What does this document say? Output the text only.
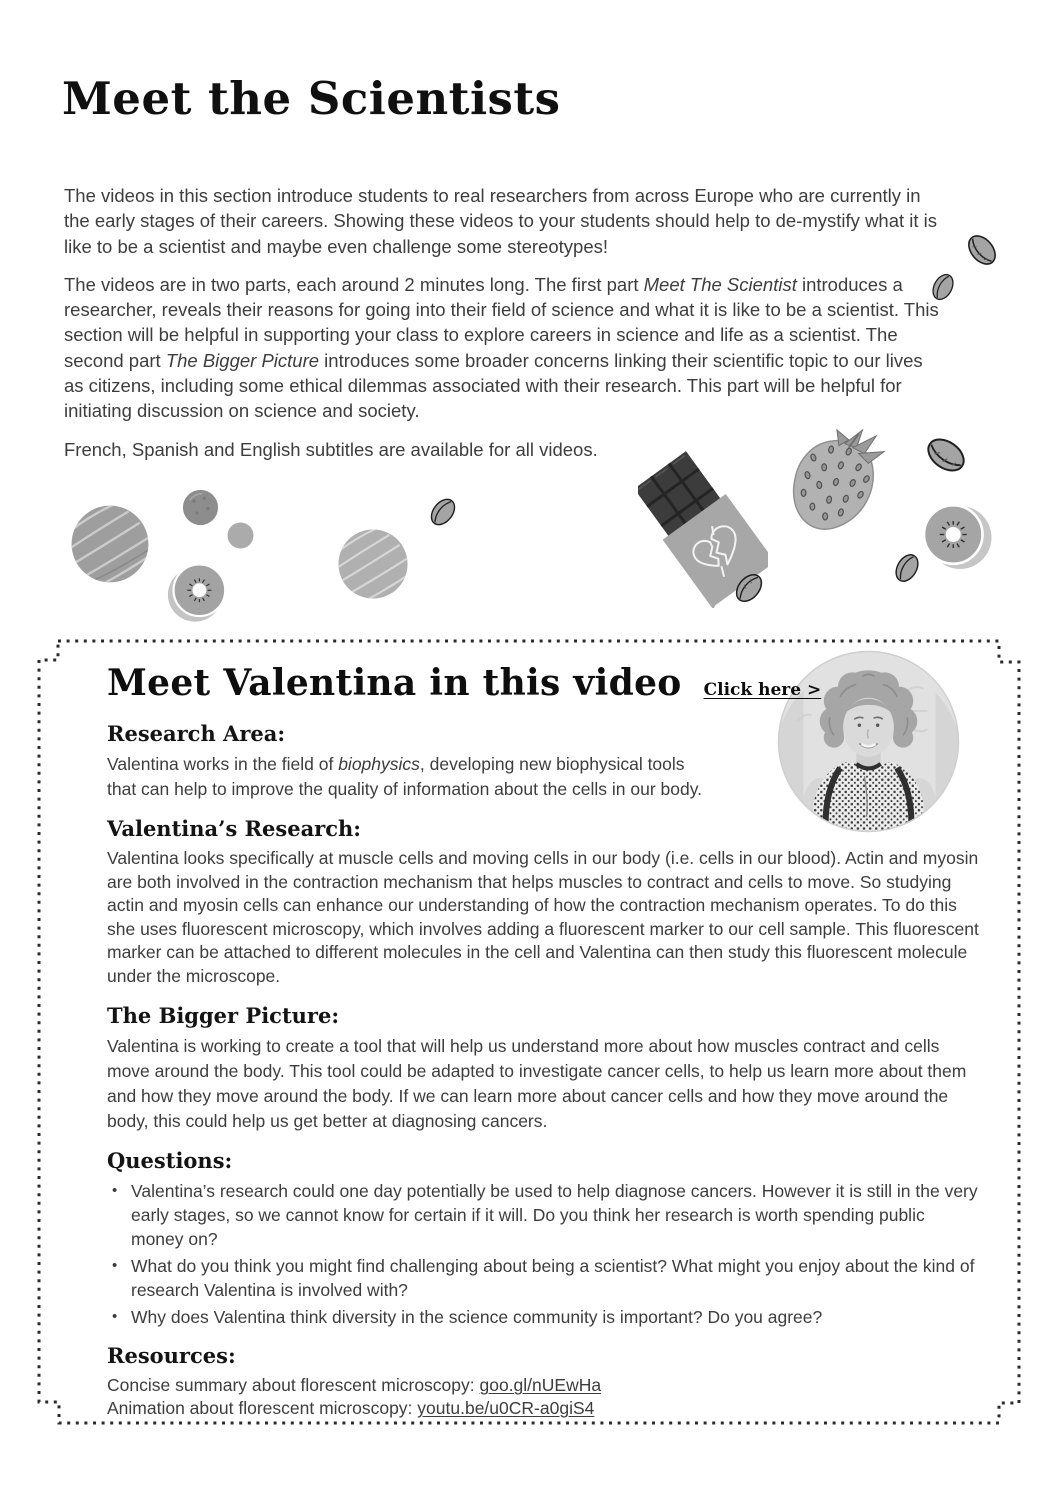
Meet the Scientists

The videos in this section introduce students to real researchers from across Europe who are currently in the early stages of their careers. Showing these videos to your students should help to de-mystify what it is like to be a scientist and maybe even challenge some stereotypes!

The videos are in two parts, each around 2 minutes long. The first part Meet The Scientist introduces a researcher, reveals their reasons for going into their field of science and what it is like to be a scientist. This section will be helpful in supporting your class to explore careers in science and life as a scientist. The second part The Bigger Picture introduces some broader concerns linking their scientific topic to our lives as citizens, including some ethical dilemmas associated with their research. This part will be helpful for initiating discussion on science and society.

French, Spanish and English subtitles are available for all videos.

Meet Valentina in this video Click here >
Research Area:

Valentina works in the field of biophysics, developing new biophysical tools that can help to improve the quality of information about the cells in our body.

Valentina’s Research:

Valentina looks specifically at muscle cells and moving cells in our body (i.e. cells in our blood). Actin and myosin are both involved in the contraction mechanism that helps muscles to contract and cells to move. So studying actin and myosin cells can enhance our understanding of how the contraction mechanism operates. To do this she uses fluorescent microscopy, which involves adding a fluorescent marker to our cell sample. This fluorescent marker can be attached to different molecules in the cell and Valentina can then study this fluorescent molecule under the microscope.

The Bigger Picture:

Valentina is working to create a tool that will help us understand more about how muscles contract and cells move around the body. This tool could be adapted to investigate cancer cells, to help us learn more about them and how they move around the body. If we can learn more about cancer cells and how they move around the body, this could help us get better at diagnosing cancers.

Questions:
• Valentina’s research could one day potentially be used to help diagnose cancers. However it is still in the very early stages, so we cannot know for certain if it will. Do you think her research is worth spending public money on?
• What do you think you might find challenging about being a scientist? What might you enjoy about the kind of research Valentina is involved with?
• Why does Valentina think diversity in the science community is important? Do you agree?
Resources:

Concise summary about florescent microscopy: goo.gl/nUEwHa

Animation about florescent microscopy: youtu.be/u0CR-a0giS4
